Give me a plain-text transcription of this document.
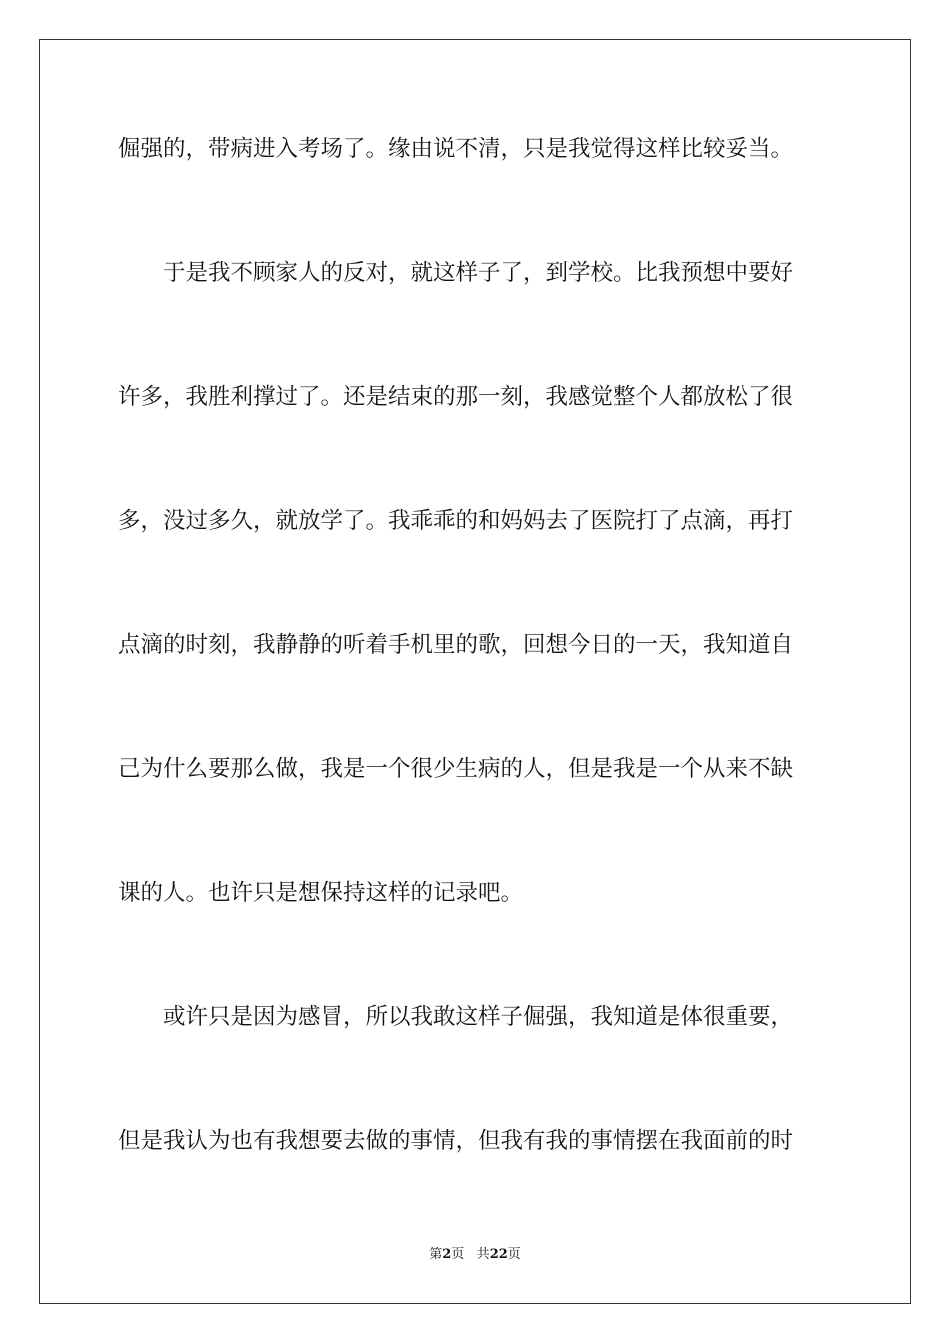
倔强的，带病进入考场了。缘由说不清，只是我觉得这样比较妥当。
　　于是我不顾家人的反对，就这样子了，到学校。比我预想中要好
许多，我胜利撑过了。还是结束的那一刻，我感觉整个人都放松了很
多，没过多久，就放学了。我乖乖的和妈妈去了医院打了点滴，再打
点滴的时刻，我静静的听着手机里的歌，回想今日的一天，我知道自
己为什么要那么做，我是一个很少生病的人，但是我是一个从来不缺
课的人。也许只是想保持这样的记录吧。
　　或许只是因为感冒，所以我敢这样子倔强，我知道是体很重要，
但是我认为也有我想要去做的事情，但我有我的事情摆在我面前的时
第2页 共22页
